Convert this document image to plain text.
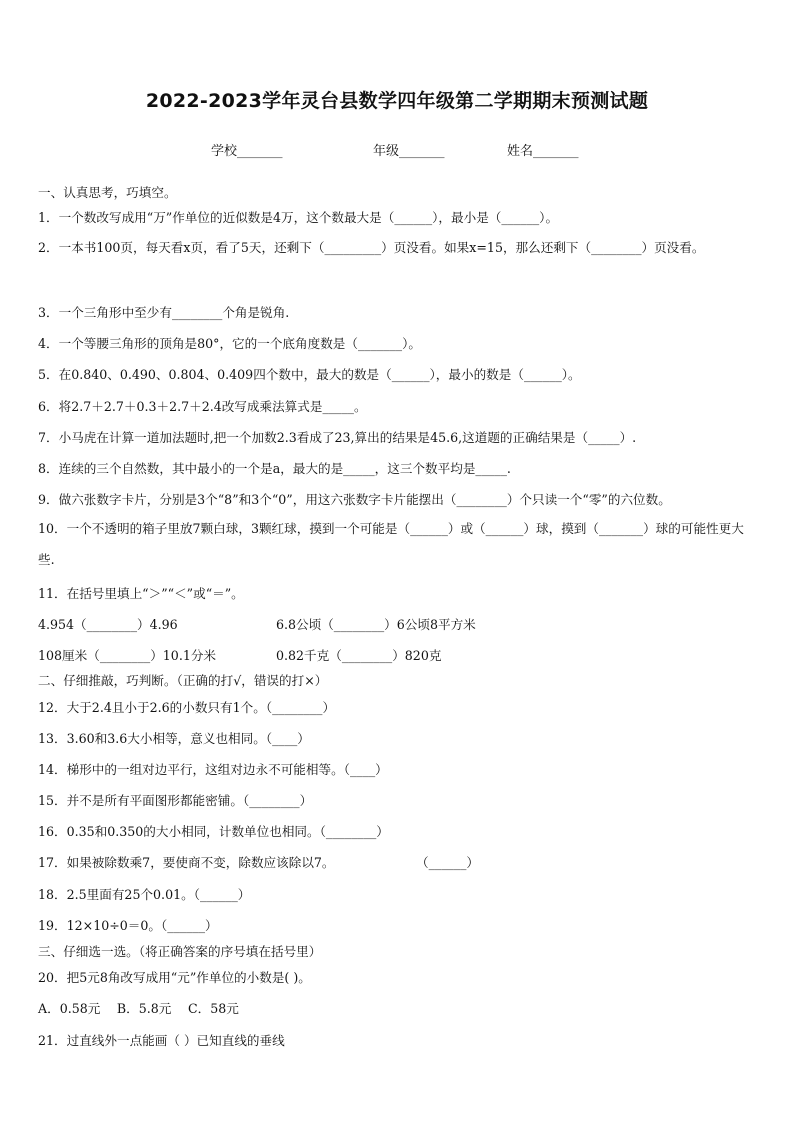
2022-2023学年灵台县数学四年级第二学期期末预测试题
学校_______	年级_______	姓名_______
一、认真思考，巧填空。
1．一个数改写成用“万”作单位的近似数是4万，这个数最大是（______），最小是（______）。
2．一本书100页，每天看x页，看了5天，还剩下（_________）页没看。如果x=15，那么还剩下（________）页没看。
3．一个三角形中至少有________个角是锐角.
4．一个等腰三角形的顶角是80°，它的一个底角度数是（_______）。
5．在0.840、0.490、0.804、0.409四个数中，最大的数是（______），最小的数是（______）。
6．将2.7＋2.7＋0.3＋2.7＋2.4改写成乘法算式是_____。
7．小马虎在计算一道加法题时,把一个加数2.3看成了23,算出的结果是45.6,这道题的正确结果是（_____）.
8．连续的三个自然数，其中最小的一个是a，最大的是_____，这三个数平均是_____.
9．做六张数字卡片，分别是3个“8”和3个“0”，用这六张数字卡片能摆出（________）个只读一个“零”的六位数。
10．一个不透明的箱子里放7颗白球，3颗红球，摸到一个可能是（______）或（______）球，摸到（_______）球的可能性更大些.
11．在括号里填上“＞”“＜”或“＝”。
4.954（________）4.96	6.8公顷（________）6公顷8平方米
108厘米（________）10.1分米	0.82千克（________）820克
二、仔细推敲，巧判断。（正确的打√，错误的打×）
12．大于2.4且小于2.6的小数只有1个。（________）
13．3.60和3.6大小相等，意义也相同。（____）
14．梯形中的一组对边平行，这组对边永不可能相等。（____）
15．并不是所有平面图形都能密铺。（________）
16．0.35和0.350的大小相同，计数单位也相同。（________）
17．如果被除数乘7，要使商不变，除数应该除以7。	（______）
18．2.5里面有25个0.01。（______）
19．12×10÷0＝0。（______）
三、仔细选一选。（将正确答案的序号填在括号里）
20．把5元8角改写成用“元”作单位的小数是( )。
A．0.58元　 B．5.8元　 C．58元
21．过直线外一点能画（ ）已知直线的垂线
